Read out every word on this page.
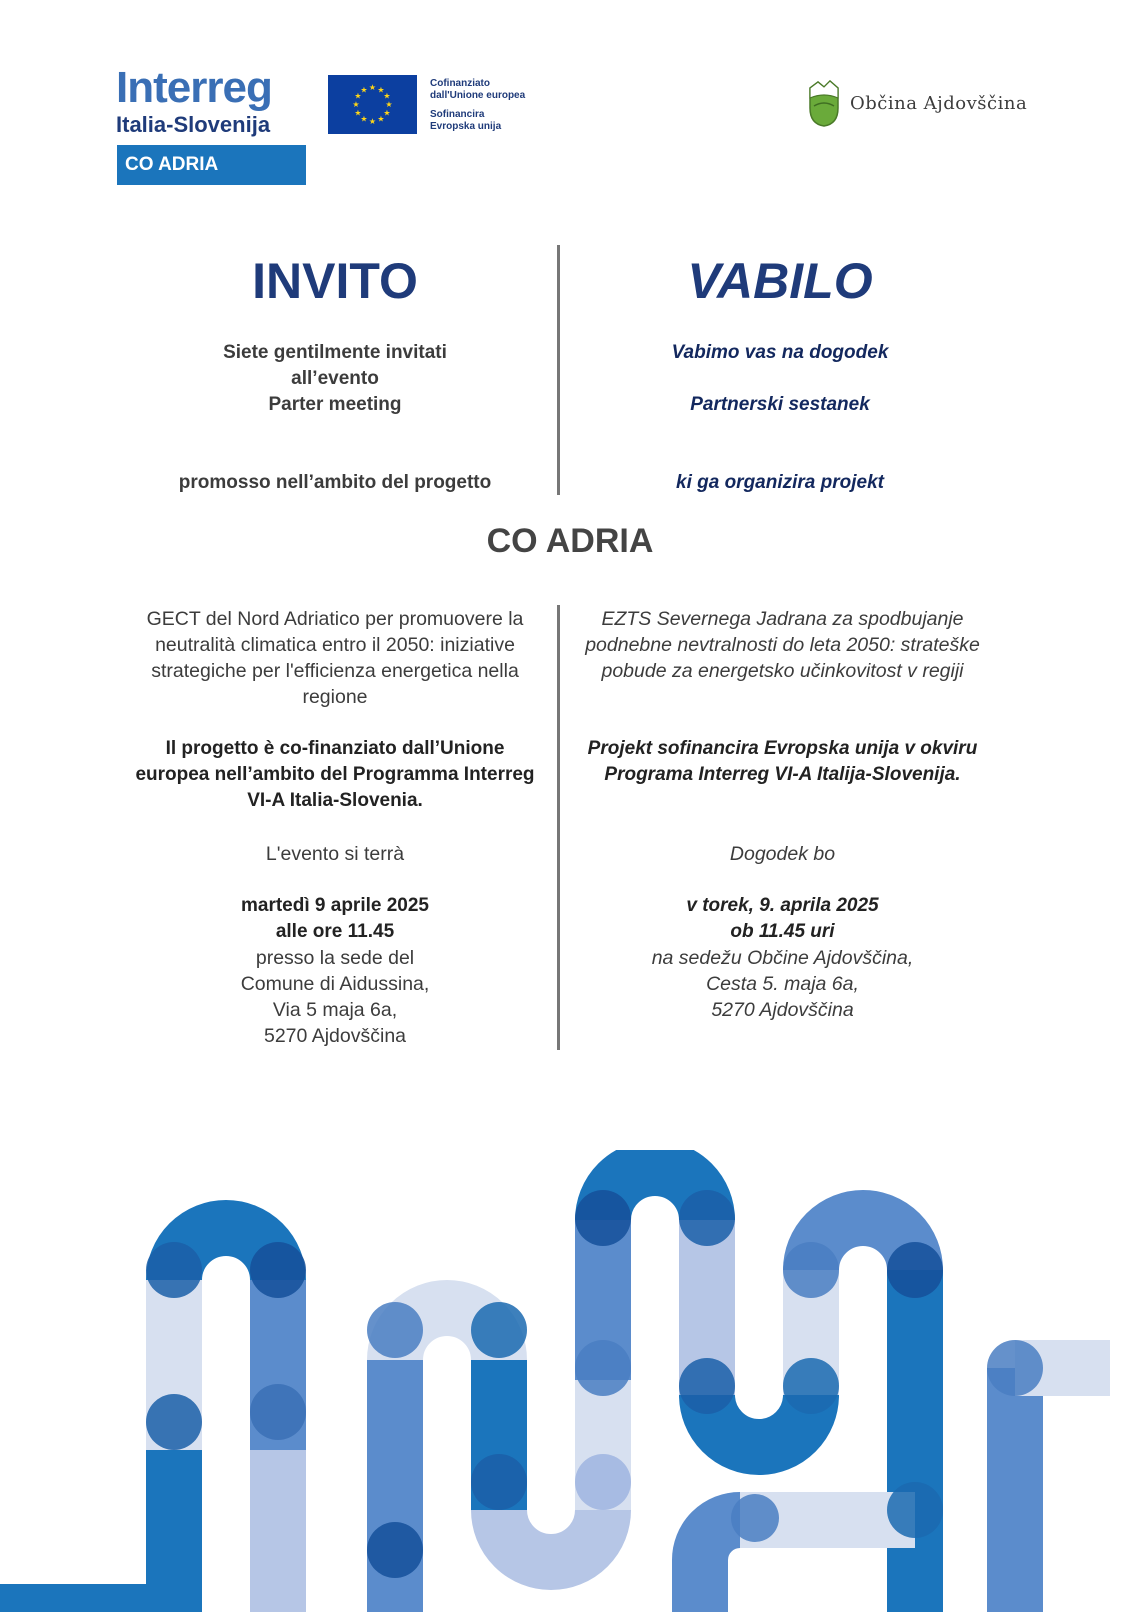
Interreg
Italia-Slovenija
CO ADRIA
★ ★
★
★
★
★
★
★
★
★
★
★
Cofinanziato
dall'Unione europea
Sofinancira
Evropska unija
Občina Ajdovščina
INVITO	VABILO
Siete gentilmente invitati
all’evento
Parter meeting
promosso nell’ambito del progetto
Vabimo vas na dogodek
Partnerski sestanek
ki ga organizira projekt
CO ADRIA
GECT del Nord Adriatico per promuovere la
neutralità climatica entro il 2050: iniziative
strategiche per l'efficienza energetica nella
regione
Il progetto è co-finanziato dall’Unione
europea nell’ambito del Programma Interreg
VI-A Italia-Slovenia.
L'evento si terrà
martedì 9 aprile 2025
alle ore 11.45
presso la sede del
Comune di Aidussina,
Via 5 maja 6a,
5270 Ajdovščina
EZTS Severnega Jadrana za spodbujanje
podnebne nevtralnosti do leta 2050: strateške
pobude za energetsko učinkovitost v regiji
Projekt sofinancira Evropska unija v okviru
Programa Interreg VI-A Italija-Slovenija.
Dogodek bo
v torek, 9. aprila 2025
ob 11.45 uri
na sedežu Občine Ajdovščina,
Cesta 5. maja 6a,
5270 Ajdovščina
